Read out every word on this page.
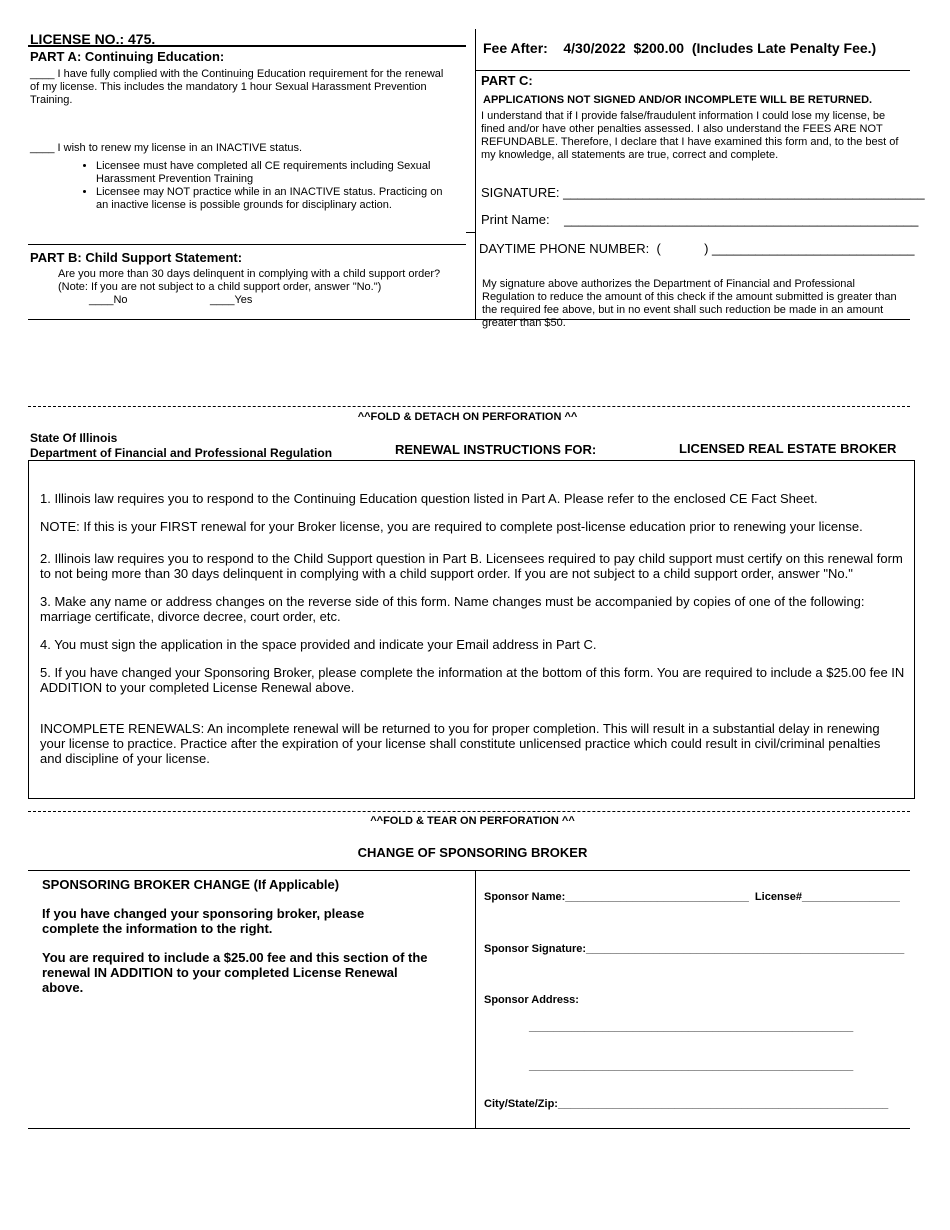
LICENSE NO.: 475.
PART A: Continuing Education:
____ I have fully complied with the Continuing Education requirement for the renewal of my license. This includes the mandatory 1 hour Sexual Harassment Prevention Training.
____ I wish to renew my license in an INACTIVE status.
• Licensee must have completed all CE requirements including Sexual Harassment Prevention Training
• Licensee may NOT practice while in an INACTIVE status. Practicing on an inactive license is possible grounds for disciplinary action.
PART B: Child Support Statement:
Are you more than 30 days delinquent in complying with a child support order?
(Note: If you are not subject to a child support order, answer "No.")
____No	____Yes
Fee After:    4/30/2022  $200.00  (Includes Late Penalty Fee.)
PART C:
APPLICATIONS NOT SIGNED AND/OR INCOMPLETE WILL BE RETURNED.
I understand that if I provide false/fraudulent information I could lose my license, be fined and/or have other penalties assessed. I also understand the FEES ARE NOT REFUNDABLE. Therefore, I declare that I have examined this form and, to the best of my knowledge, all statements are true, correct and complete.
SIGNATURE: __________________________________________________
Print Name:    _________________________________________________
DAYTIME PHONE NUMBER:  (            ) ____________________________
My signature above authorizes the Department of Financial and Professional Regulation to reduce the amount of this check if the amount submitted is greater than the required fee above, but in no event shall such reduction be made in an amount greater than $50.
^^FOLD & DETACH ON PERFORATION ^^
State Of Illinois
Department of Financial and Professional Regulation	RENEWAL INSTRUCTIONS FOR:	LICENSED REAL ESTATE BROKER
1. Illinois law requires you to respond to the Continuing Education question listed in Part A. Please refer to the enclosed CE Fact Sheet.
NOTE: If this is your FIRST renewal for your Broker license, you are required to complete post-license education prior to renewing your license.
2. Illinois law requires you to respond to the Child Support question in Part B. Licensees required to pay child support must certify on this renewal form to not being more than 30 days delinquent in complying with a child support order. If you are not subject to a child support order, answer "No."
3. Make any name or address changes on the reverse side of this form. Name changes must be accompanied by copies of one of the following: marriage certificate, divorce decree, court order, etc.
4. You must sign the application in the space provided and indicate your Email address in Part C.
5. If you have changed your Sponsoring Broker, please complete the information at the bottom of this form. You are required to include a $25.00 fee IN ADDITION to your completed License Renewal above.
INCOMPLETE RENEWALS: An incomplete renewal will be returned to you for proper completion. This will result in a substantial delay in renewing your license to practice. Practice after the expiration of your license shall constitute unlicensed practice which could result in civil/criminal penalties and discipline of your license.
^^FOLD & TEAR ON PERFORATION ^^
CHANGE OF SPONSORING BROKER
SPONSORING BROKER CHANGE (If Applicable)
If you have changed your sponsoring broker, please complete the information to the right.
You are required to include a $25.00 fee and this section of the renewal IN ADDITION to your completed License Renewal above.
Sponsor Name:______________________________  License#________________
Sponsor Signature:____________________________________________________
Sponsor Address:
_____________________________________________________
_____________________________________________________
City/State/Zip:______________________________________________________
